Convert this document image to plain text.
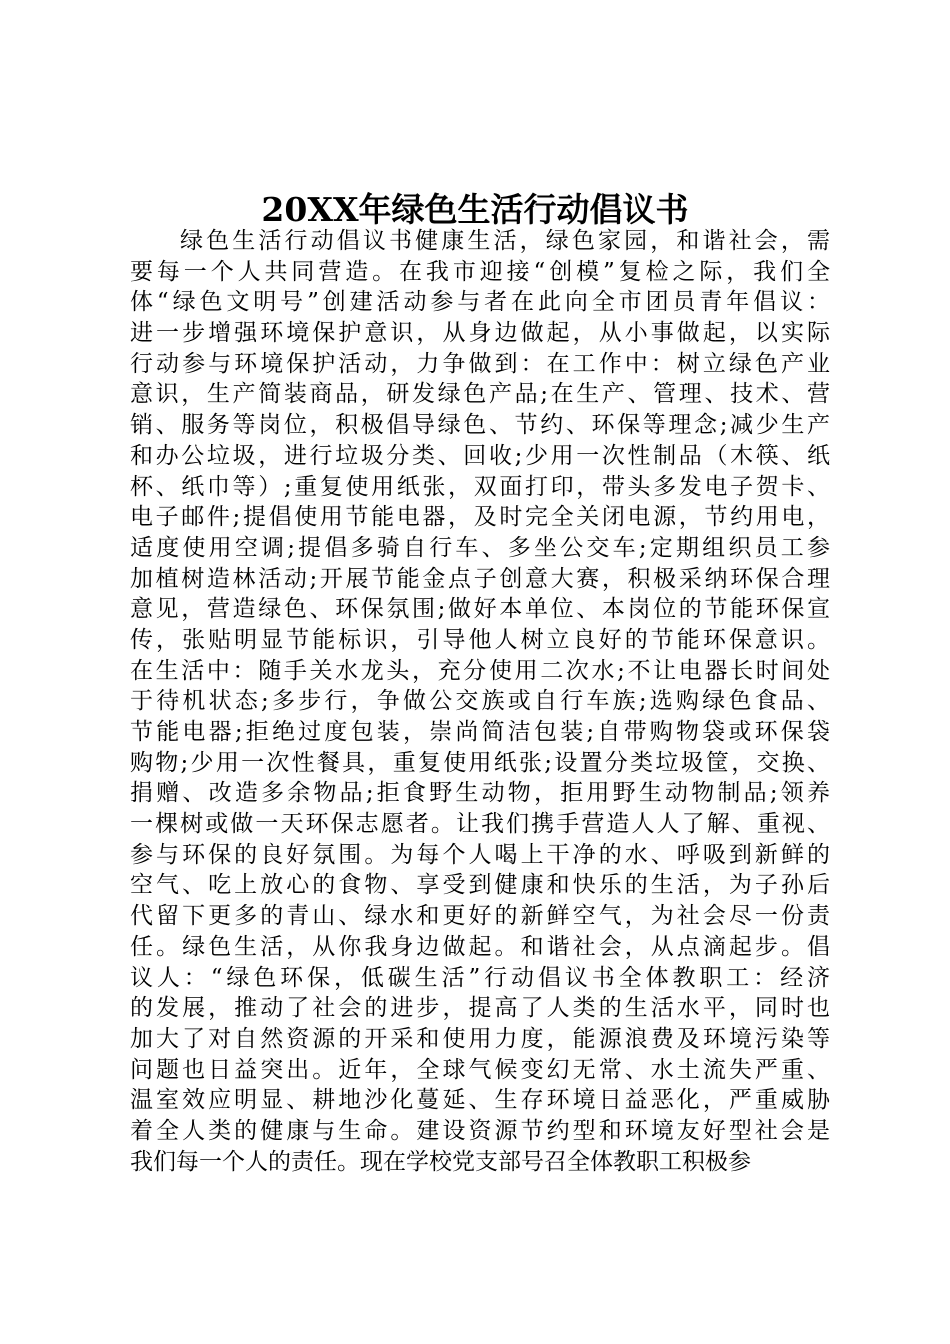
20XX年绿色生活行动倡议书
绿色生活行动倡议书健康生活，绿色家园，和谐社会，需
要每一个人共同营造。在我市迎接“创模”复检之际，我们全
体“绿色文明号”创建活动参与者在此向全市团员青年倡议：
进一步增强环境保护意识，从身边做起，从小事做起，以实际
行动参与环境保护活动，力争做到：在工作中：树立绿色产业
意识，生产简装商品，研发绿色产品;在生产、管理、技术、营
销、服务等岗位，积极倡导绿色、节约、环保等理念;减少生产
和办公垃圾，进行垃圾分类、回收;少用一次性制品（木筷、纸
杯、纸巾等）;重复使用纸张，双面打印，带头多发电子贺卡、
电子邮件;提倡使用节能电器，及时完全关闭电源，节约用电，
适度使用空调;提倡多骑自行车、多坐公交车;定期组织员工参
加植树造林活动;开展节能金点子创意大赛，积极采纳环保合理
意见，营造绿色、环保氛围;做好本单位、本岗位的节能环保宣
传，张贴明显节能标识，引导他人树立良好的节能环保意识。
在生活中：随手关水龙头，充分使用二次水;不让电器长时间处
于待机状态;多步行，争做公交族或自行车族;选购绿色食品、
节能电器;拒绝过度包装，崇尚简洁包装;自带购物袋或环保袋
购物;少用一次性餐具，重复使用纸张;设置分类垃圾筐，交换、
捐赠、改造多余物品;拒食野生动物，拒用野生动物制品;领养
一棵树或做一天环保志愿者。让我们携手营造人人了解、重视、
参与环保的良好氛围。为每个人喝上干净的水、呼吸到新鲜的
空气、吃上放心的食物、享受到健康和快乐的生活，为子孙后
代留下更多的青山、绿水和更好的新鲜空气，为社会尽一份责
任。绿色生活，从你我身边做起。和谐社会，从点滴起步。倡
议人：“绿色环保，低碳生活”行动倡议书全体教职工：经济
的发展，推动了社会的进步，提高了人类的生活水平，同时也
加大了对自然资源的开采和使用力度，能源浪费及环境污染等
问题也日益突出。近年，全球气候变幻无常、水土流失严重、
温室效应明显、耕地沙化蔓延、生存环境日益恶化，严重威胁
着全人类的健康与生命。建设资源节约型和环境友好型社会是
我们每一个人的责任。现在学校党支部号召全体教职工积极参
